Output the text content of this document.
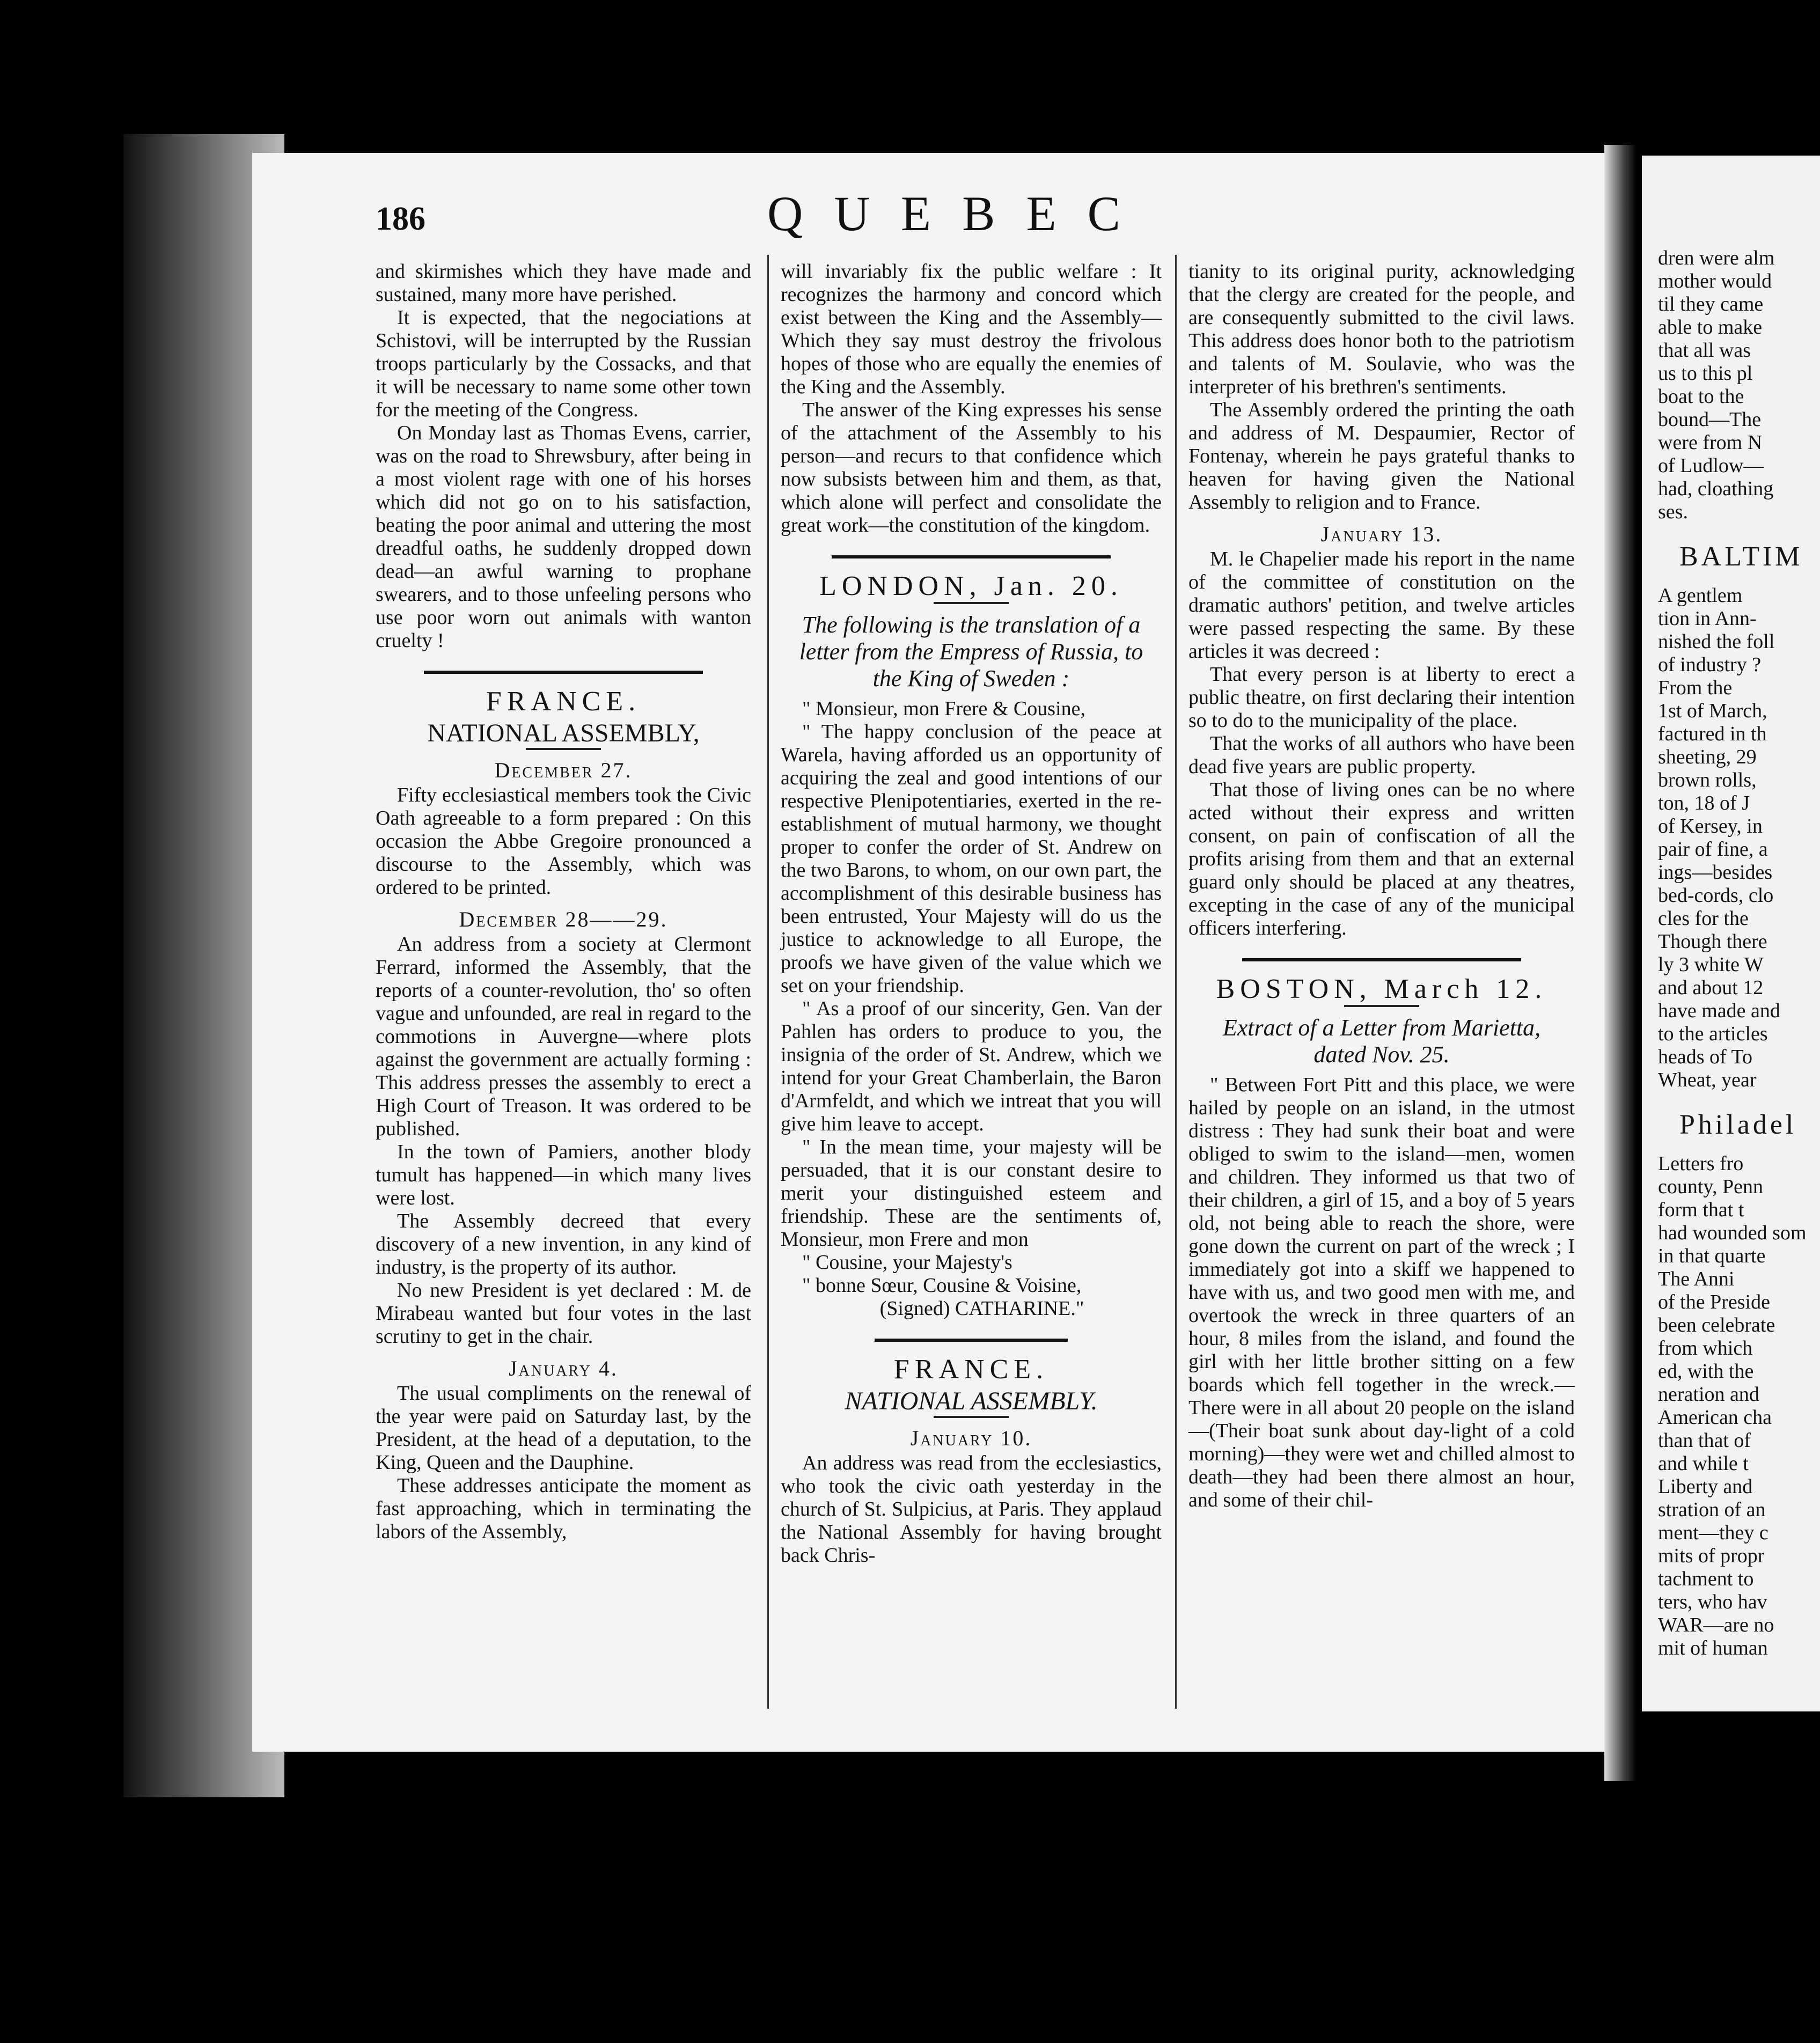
186	QUEBEC

and skirmishes which they have made and sustained, many more have perished.

It is expected, that the negociations at Schistovi, will be interrupted by the Russian troops particularly by the Cossacks, and that it will be necessary to name some other town for the meeting of the Congress.

On Monday last as Thomas Evens, carrier, was on the road to Shrewsbury, after being in a most violent rage with one of his horses which did not go on to his satisfaction, beating the poor animal and uttering the most dreadful oaths, he suddenly dropped down dead—an awful warning to prophane swearers, and to those unfeeling persons who use poor worn out animals with wanton cruelty !

FRANCE.
NATIONAL ASSEMBLY,
December 27.

Fifty ecclesiastical members took the Civic Oath agreeable to a form prepared : On this occasion the Abbe Gregoire pronounced a discourse to the Assembly, which was ordered to be printed.

December 28——29.

An address from a society at Clermont Ferrard, informed the Assembly, that the reports of a counter-revolution, tho' so often vague and unfounded, are real in regard to the commotions in Auvergne—where plots against the government are actually forming : This address presses the assembly to erect a High Court of Treason. It was ordered to be published.

In the town of Pamiers, another blody tumult has happened—in which many lives were lost.

The Assembly decreed that every discovery of a new invention, in any kind of industry, is the property of its author.

No new President is yet declared : M. de Mirabeau wanted but four votes in the last scrutiny to get in the chair.

January 4.

The usual compliments on the renewal of the year were paid on Saturday last, by the President, at the head of a deputation, to the King, Queen and the Dauphine.

These addresses anticipate the moment as fast approaching, which in terminating the labors of the Assembly,

will invariably fix the public welfare : It recognizes the harmony and concord which exist between the King and the Assembly—Which they say must destroy the frivolous hopes of those who are equally the enemies of the King and the Assembly.

The answer of the King expresses his sense of the attachment of the Assembly to his person—and recurs to that confidence which now subsists between him and them, as that, which alone will perfect and consolidate the great work—the constitution of the kingdom.

LONDON, Jan. 20.
The following is the translation of a letter from the Empress of Russia, to the King of Sweden :

" Monsieur, mon Frere & Cousine,

" The happy conclusion of the peace at Warela, having afforded us an opportunity of acquiring the zeal and good intentions of our respective Plenipotentiaries, exerted in the re-establishment of mutual harmony, we thought proper to confer the order of St. Andrew on the two Barons, to whom, on our own part, the accomplishment of this desirable business has been entrusted, Your Majesty will do us the justice to acknowledge to all Europe, the proofs we have given of the value which we set on your friendship.

" As a proof of our sincerity, Gen. Van der Pahlen has orders to produce to you, the insignia of the order of St. Andrew, which we intend for your Great Chamberlain, the Baron d'Armfeldt, and which we intreat that you will give him leave to accept.

" In the mean time, your majesty will be persuaded, that it is our constant desire to merit your distinguished esteem and friendship. These are the sentiments of, Monsieur, mon Frere and mon

" Cousine, your Majesty's

" bonne Sœur, Cousine & Voisine,

(Signed) CATHARINE."

FRANCE.
NATIONAL ASSEMBLY.
January 10.

An address was read from the ecclesiastics, who took the civic oath yesterday in the church of St. Sulpicius, at Paris. They applaud the National Assembly for having brought back Chris-

tianity to its original purity, acknowledging that the clergy are created for the people, and are consequently submitted to the civil laws. This address does honor both to the patriotism and talents of M. Soulavie, who was the interpreter of his brethren's sentiments.

The Assembly ordered the printing the oath and address of M. Despaumier, Rector of Fontenay, wherein he pays grateful thanks to heaven for having given the National Assembly to religion and to France.

January 13.

M. le Chapelier made his report in the name of the committee of constitution on the dramatic authors' petition, and twelve articles were passed respecting the same. By these articles it was decreed :

That every person is at liberty to erect a public theatre, on first declaring their intention so to do to the municipality of the place.

That the works of all authors who have been dead five years are public property.

That those of living ones can be no where acted without their express and written consent, on pain of confiscation of all the profits arising from them and that an external guard only should be placed at any theatres, excepting in the case of any of the municipal officers interfering.

BOSTON, March 12.
Extract of a Letter from Marietta, dated Nov. 25.

" Between Fort Pitt and this place, we were hailed by people on an island, in the utmost distress : They had sunk their boat and were obliged to swim to the island—men, women and children. They informed us that two of their children, a girl of 15, and a boy of 5 years old, not being able to reach the shore, were gone down the current on part of the wreck ; I immediately got into a skiff we happened to have with us, and two good men with me, and overtook the wreck in three quarters of an hour, 8 miles from the island, and found the girl with her little brother sitting on a few boards which fell together in the wreck.—There were in all about 20 people on the island—(Their boat sunk about day-light of a cold morning)—they were wet and chilled almost to death—they had been there almost an hour, and some of their chil-

dren were alm

mother would

til they came

able to make

that all was

us to this pl

boat to the

bound—The

were from N

of Ludlow—

had, cloathing

ses.

BALTIM

A gentlem

tion in Ann-

nished the foll

of industry ?

From the

1st of March,

factured in th

sheeting, 29

brown rolls,

ton, 18 of J

of Kersey, in

pair of fine, a

ings—besides

bed-cords, clo

cles for the

Though there

ly 3 white W

and about 12

have made and

to the articles

heads of To

Wheat, year

Philadel

Letters fro

county, Penn

form that t

had wounded som

in that quarte

The Anni

of the Preside

been celebrate

from which

ed, with the

neration and

American cha

than that of

and while t

Liberty and

stration of an

ment—they c

mits of propr

tachment to

ters, who hav

WAR—are no

mit of human
